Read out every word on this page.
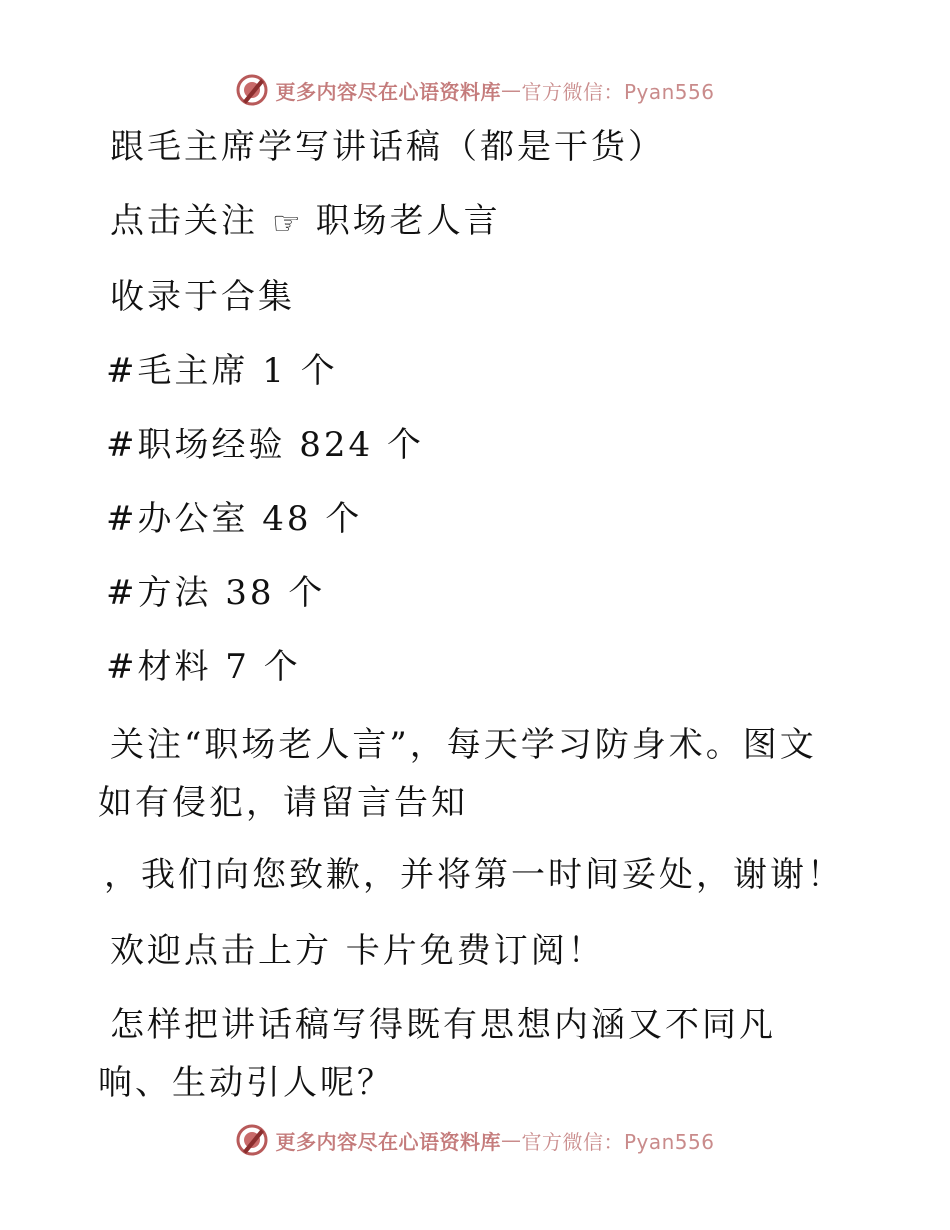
更多内容尽在心语资料库 — 官方微信：Pyan556
跟毛主席学写讲话稿（都是干货）
点击关注 ☞ 职场老人言
收录于合集
#毛主席 1 个
#职场经验 824 个
#办公室 48 个
#方法 38 个
#材料 7 个
关注“职场老人言”，每天学习防身术。图文如有侵犯，请留言告知
，我们向您致歉，并将第一时间妥处，谢谢！
欢迎点击上方 卡片免费订阅！
怎样把讲话稿写得既有思想内涵又不同凡响、生动引人呢？
更多内容尽在心语资料库 — 官方微信：Pyan556
